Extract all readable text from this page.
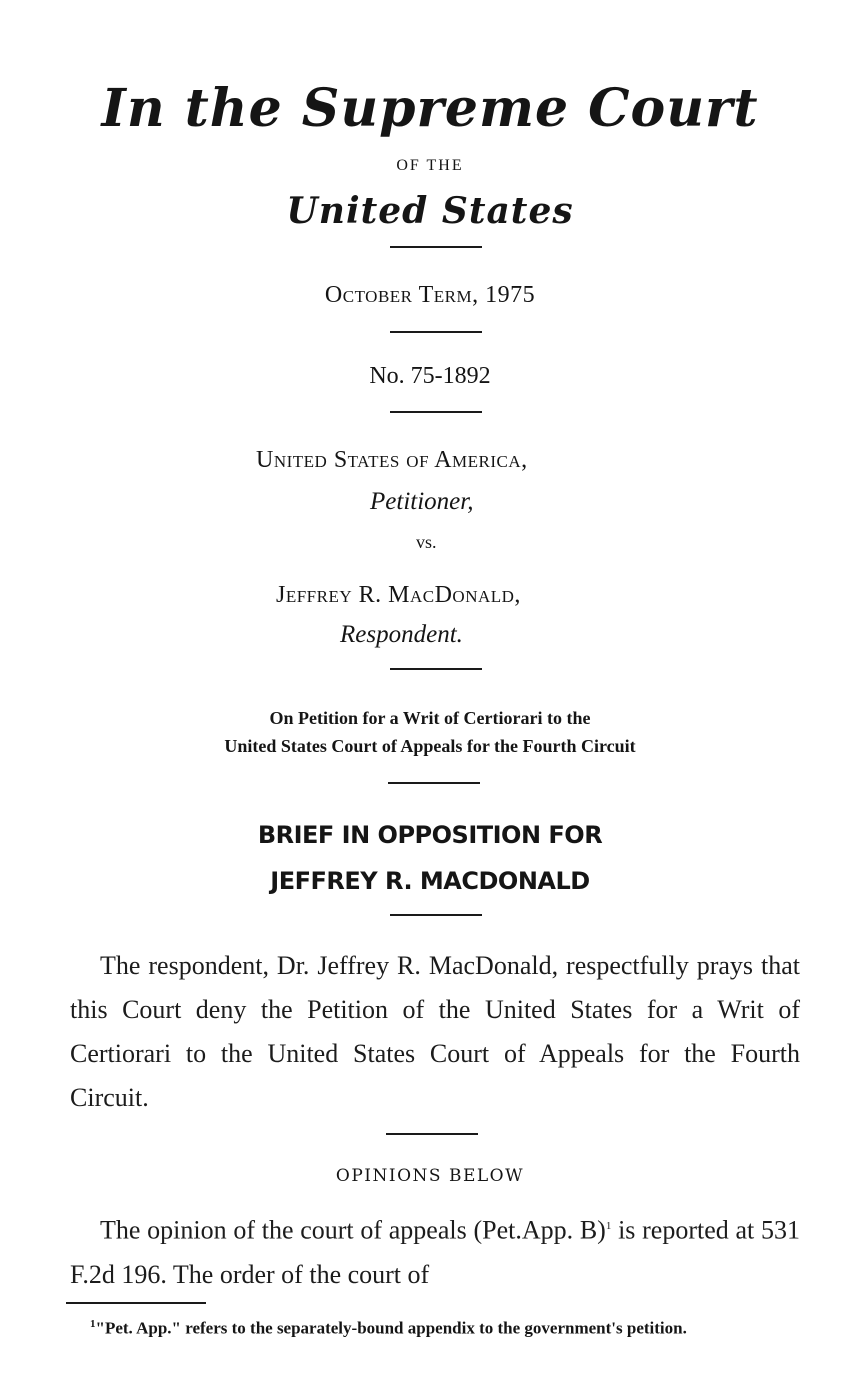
In the Supreme Court
OF THE
United States
October Term, 1975
No. 75-1892
United States of America,
Petitioner,
vs.
Jeffrey R. MacDonald,
Respondent.
On Petition for a Writ of Certiorari to the
United States Court of Appeals for the Fourth Circuit
BRIEF IN OPPOSITION FOR
JEFFREY R. MACDONALD
The respondent, Dr. Jeffrey R. MacDonald, respectfully prays that this Court deny the Petition of the United States for a Writ of Certiorari to the United States Court of Appeals for the Fourth Circuit.
OPINIONS BELOW
The opinion of the court of appeals (Pet.App. B)$^1$ is reported at 531 F.2d 196. The order of the court of
$^1$"Pet. App." refers to the separately-bound appendix to the government's petition.
